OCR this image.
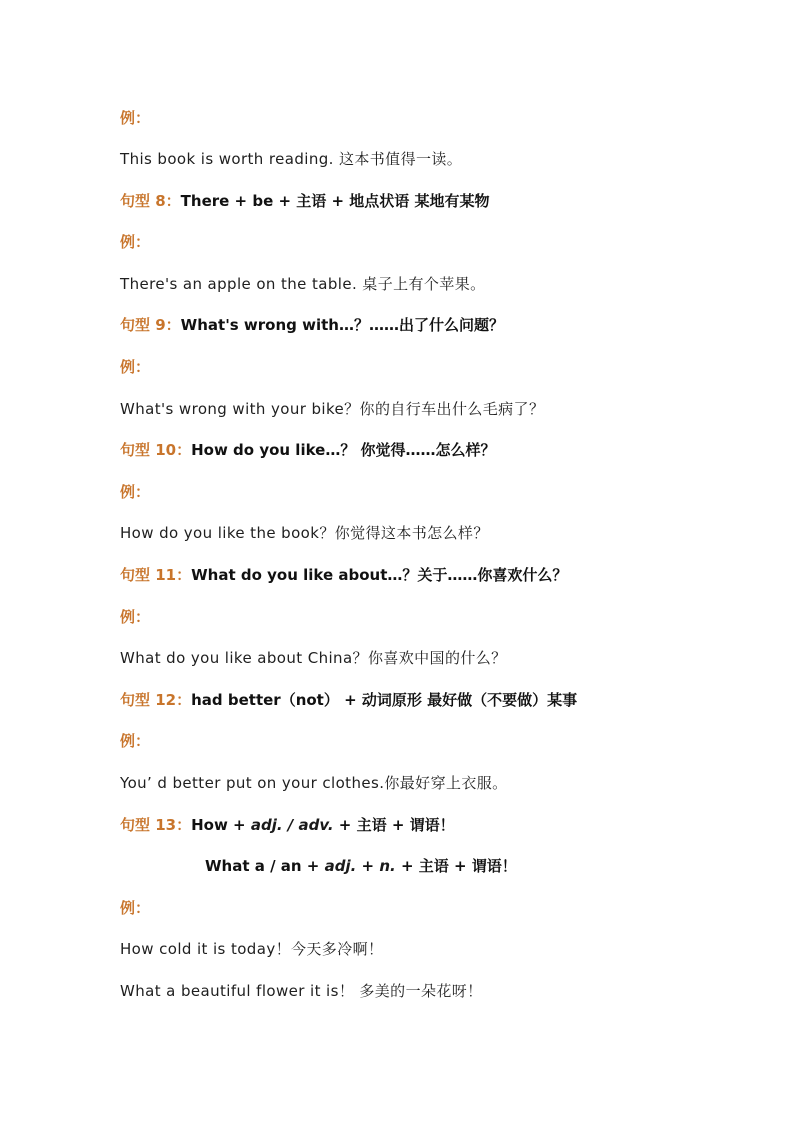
例：
This book is worth reading. 这本书值得一读。
句型 8：There + be + 主语 + 地点状语 某地有某物
例：
There's an apple on the table. 桌子上有个苹果。
句型 9：What's wrong with…？……出了什么问题？
例：
What's wrong with your bike？你的自行车出什么毛病了？
句型 10：How do you like…？ 你觉得……怎么样？
例：
How do you like the book？你觉得这本书怎么样？
句型 11：What do you like about…？关于……你喜欢什么？
例：
What do you like about China？你喜欢中国的什么？
句型 12：had better（not） + 动词原形 最好做（不要做）某事
例：
You’ d better put on your clothes.你最好穿上衣服。
句型 13：How + adj. / adv. + 主语 + 谓语！
What a / an + adj. + n. + 主语 + 谓语！
例：
How cold it is today！今天多冷啊！
What a beautiful flower it is！ 多美的一朵花呀！
